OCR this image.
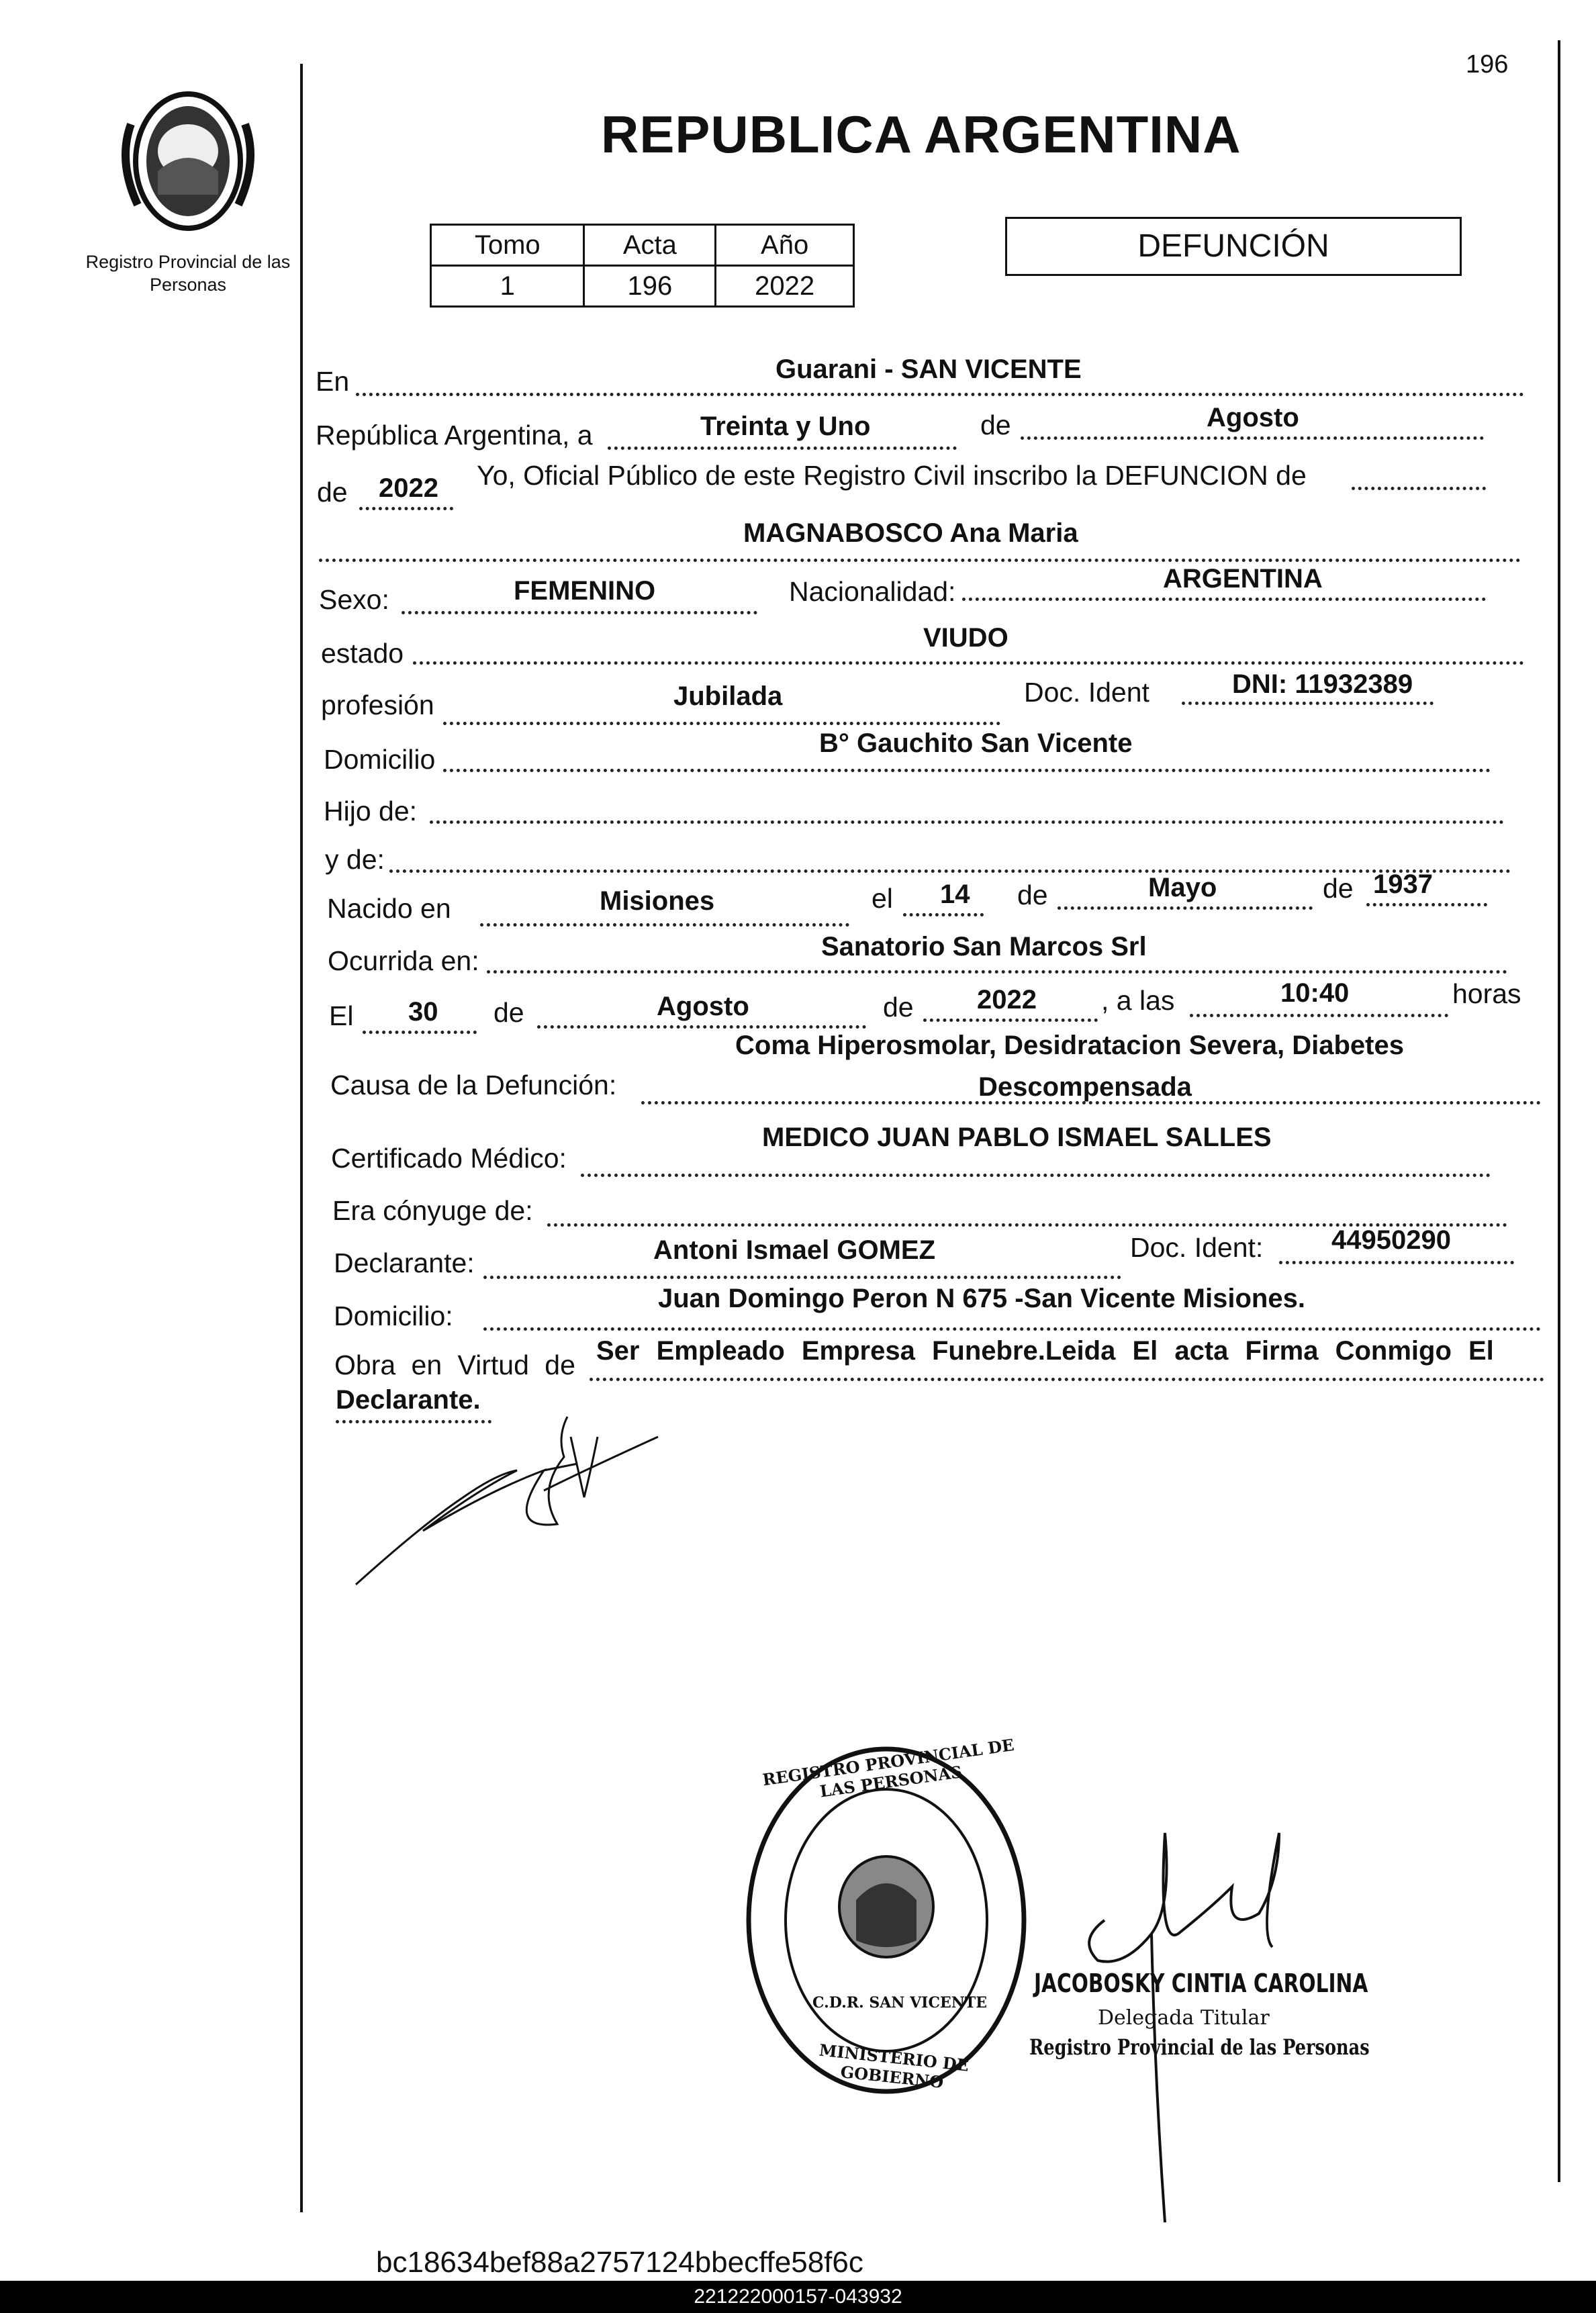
Registro Provincial de las Personas
196
REPUBLICA ARGENTINA
Tomo	Acta	Año
1	196	2022
DEFUNCIÓN
En	Guarani - SAN VICENTE
República Argentina, a	Treinta y Uno	de	Agosto
de 2022 Yo, Oficial Público de este Registro Civil inscribo la DEFUNCION de
MAGNABOSCO Ana Maria
Sexo:	FEMENINO	Nacionalidad:	ARGENTINA
estado	VIUDO
profesión	Jubilada	Doc. Ident	DNI: 11932389
Domicilio
B° Gauchito San Vicente
Hijo de:
y de:
Nacido en	Misiones	el 14 de	Mayo	de 1937
Ocurrida en:	Sanatorio San Marcos Srl
El 30 de	Agosto	de 2022 , a las	10:40	horas
Coma Hiperosmolar, Desidratacion Severa, Diabetes
Causa de la Defunción:	Descompensada
Certificado Médico:
MEDICO JUAN PABLO ISMAEL SALLES
Era cónyuge de:
Declarante:	Antoni Ismael GOMEZ	Doc. Ident:	44950290
Domicilio:
Juan Domingo Peron N 675 -San Vicente Misiones.
Obra en Virtud de Ser Empleado Empresa Funebre.Leida El acta Firma Conmigo El
Declarante.
REGISTRO PROVINCIAL DE LAS PERSONAS
C.D.R. SAN VICENTE
MINISTERIO DE GOBIERNO
JACOBOSKY CINTIA CAROLINA
Delegada Titular
Registro Provincial de las Personas
bc18634bef88a2757124bbecffe58f6c
221222000157-043932
